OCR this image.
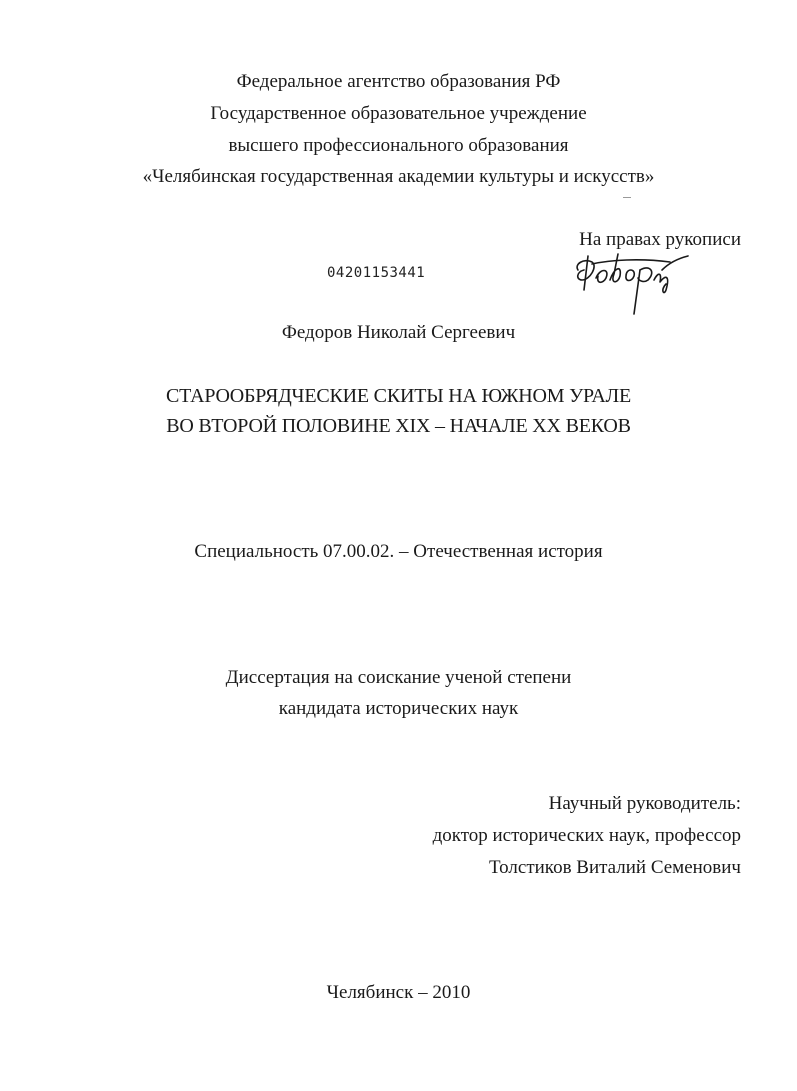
Федеральное агентство образования РФ
Государственное образовательное учреждение
высшего профессионального образования
«Челябинская государственная академии культуры и искусств»
На правах рукописи
04201153441
Федоров Николай Сергеевич
СТАРООБРЯДЧЕСКИЕ СКИТЫ НА ЮЖНОМ УРАЛЕ
ВО ВТОРОЙ ПОЛОВИНЕ XIX – НАЧАЛЕ XX ВЕКОВ
Специальность 07.00.02. – Отечественная история
Диссертация на соискание ученой степени
кандидата исторических наук
Научный руководитель:
доктор исторических наук, профессор
Толстиков Виталий Семенович
Челябинск – 2010
